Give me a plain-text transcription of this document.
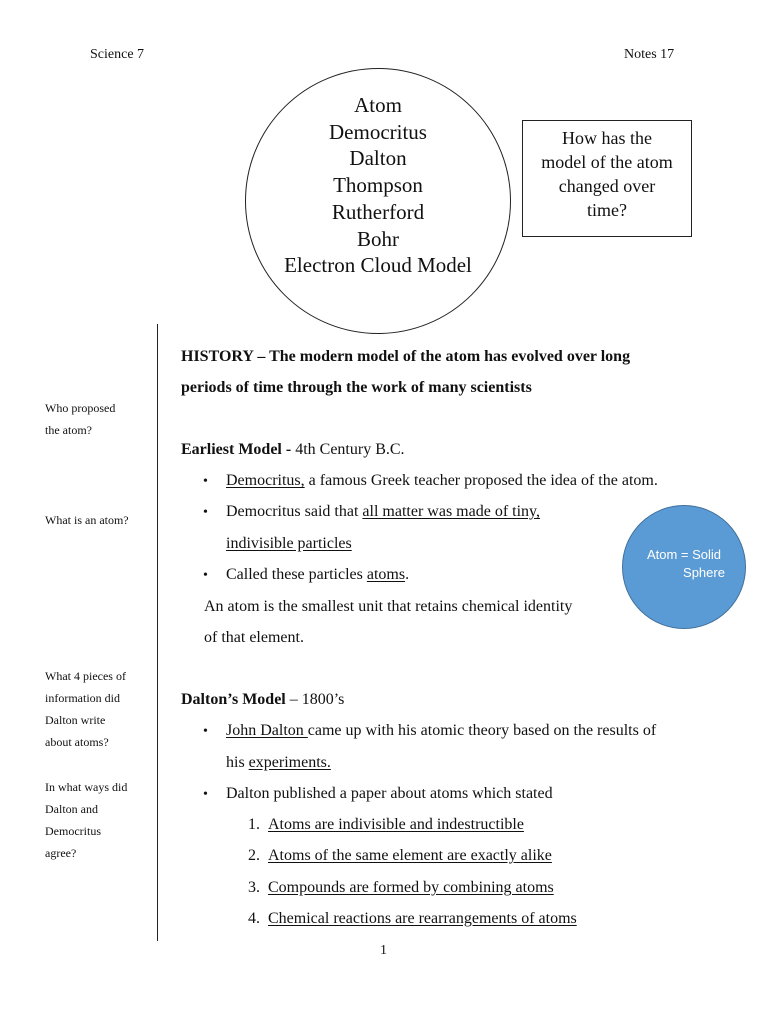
Science 7	Notes 17
Atom
Democritus
Dalton
Thompson
Rutherford
Bohr
Electron Cloud Model
How has the
model of the atom
changed over
time?
Who proposed
the atom?
What is an atom?
What 4 pieces of
information did
Dalton write
about atoms?
In what ways did
Dalton and
Democritus
agree?
HISTORY – The modern model of the atom has evolved over long
periods of time through the work of many scientists
Earliest Model - 4th Century B.C.
• Democritus, a famous Greek teacher proposed the idea of the atom.
• Democritus said that all matter was made of tiny,
indivisible particles
• Called these particles atoms.
An atom is the smallest unit that retains chemical identity
of that element.
Atom = Solid
Sphere
Dalton’s Model – 1800’s
• John Dalton came up with his atomic theory based on the results of
his experiments.
• Dalton published a paper about atoms which stated
1. Atoms are indivisible and indestructible
2. Atoms of the same element are exactly alike
3. Compounds are formed by combining atoms
4. Chemical reactions are rearrangements of atoms
1
